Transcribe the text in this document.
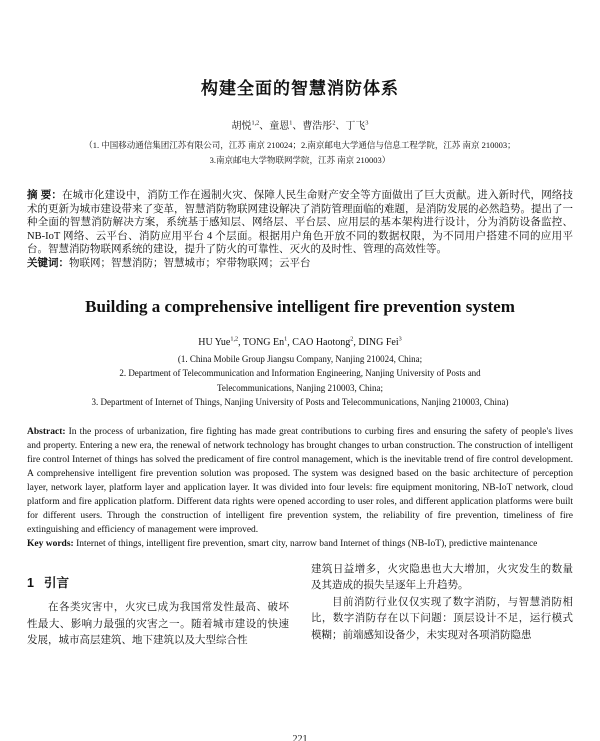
构建全面的智慧消防体系
胡悦$^{1,2}$、童恩$^1$、曹浩彤$^2$、丁飞$^3$
（1. 中国移动通信集团江苏有限公司，江苏 南京 210024；2.南京邮电大学通信与信息工程学院，江苏 南京 210003；
3.南京邮电大学物联网学院，江苏 南京 210003）

摘 要：在城市化建设中，消防工作在遏制火灾、保障人民生命财产安全等方面做出了巨大贡献。进入新时代，网络技术的更新为城市建设带来了变革，智慧消防物联网建设解决了消防管理面临的难题，是消防发展的必然趋势。提出了一种全面的智慧消防解决方案，系统基于感知层、网络层、平台层、应用层的基本架构进行设计，分为消防设备监控、NB-IoT 网络、云平台、消防应用平台 4 个层面。根据用户角色开放不同的数据权限，为不同用户搭建不同的应用平台。智慧消防物联网系统的建设，提升了防火的可靠性、灭火的及时性、管理的高效性等。

关键词：物联网；智慧消防；智慧城市；窄带物联网；云平台

Building a comprehensive intelligent fire prevention system
HU Yue$^{1,2}$, TONG En$^1$, CAO Haotong$^2$, DING Fei$^3$
(1. China Mobile Group Jiangsu Company, Nanjing 210024, China;
2. Department of Telecommunication and Information Engineering, Nanjing University of Posts and
Telecommunications, Nanjing 210003, China;
3. Department of Internet of Things, Nanjing University of Posts and Telecommunications, Nanjing 210003, China)

Abstract: In the process of urbanization, fire fighting has made great contributions to curbing fires and ensuring the safety of people's lives and property. Entering a new era, the renewal of network technology has brought changes to urban construction. The construction of intelligent fire control Internet of things has solved the predicament of fire control management, which is the inevitable trend of fire control development. A comprehensive intelligent fire prevention solution was proposed. The system was designed based on the basic architecture of perception layer, network layer, platform layer and application layer. It was divided into four levels: fire equipment monitoring, NB-IoT network, cloud platform and fire application platform. Different data rights were opened according to user roles, and different application platforms were built for different users. Through the construction of intelligent fire prevention system, the reliability of fire prevention, timeliness of fire extinguishing and efficiency of management were improved.

Key words: Internet of things, intelligent fire prevention, smart city, narrow band Internet of things (NB-IoT), predictive maintenance

1 引言

在各类灾害中，火灾已成为我国常发性最高、破坏性最大、影响力最强的灾害之一。随着城市建设的快速发展，城市高层建筑、地下建筑以及大型综合性

建筑日益增多，火灾隐患也大大增加，火灾发生的数量及其造成的损失呈逐年上升趋势。

目前消防行业仅仅实现了数字消防，与智慧消防相比，数字消防存在以下问题：顶层设计不足，运行模式模糊；前端感知设备少，未实现对各项消防隐患

221
